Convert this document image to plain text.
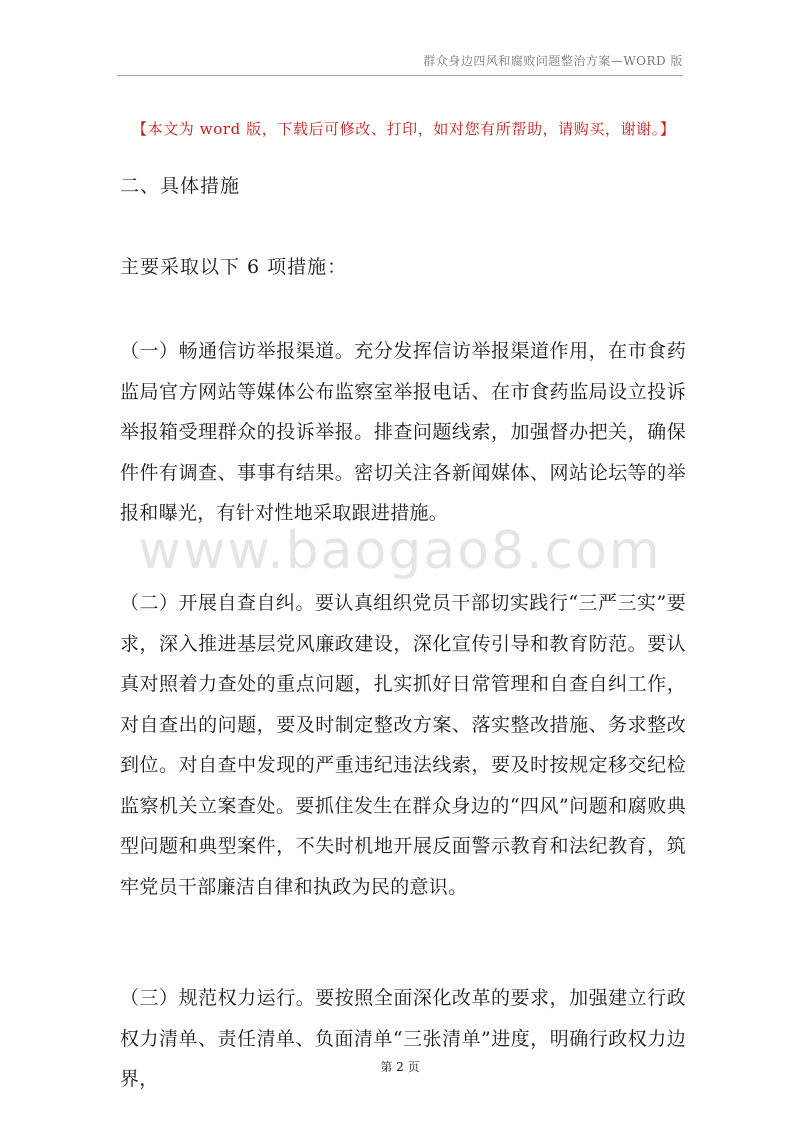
群众身边四风和腐败问题整治方案—WORD 版
【本文为 word 版，下载后可修改、打印，如对您有所帮助，请购买，谢谢。】
二、具体措施
主要采取以下 6 项措施：
（一）畅通信访举报渠道。充分发挥信访举报渠道作用，在市食药监局官方网站等媒体公布监察室举报电话、在市食药监局设立投诉举报箱受理群众的投诉举报。排查问题线索，加强督办把关，确保件件有调查、事事有结果。密切关注各新闻媒体、网站论坛等的举报和曝光，有针对性地采取跟进措施。
www.baogao8.com
（二）开展自查自纠。要认真组织党员干部切实践行“三严三实”要求，深入推进基层党风廉政建设，深化宣传引导和教育防范。要认真对照着力查处的重点问题，扎实抓好日常管理和自查自纠工作，对自查出的问题，要及时制定整改方案、落实整改措施、务求整改到位。对自查中发现的严重违纪违法线索，要及时按规定移交纪检监察机关立案查处。要抓住发生在群众身边的“四风”问题和腐败典型问题和典型案件，不失时机地开展反面警示教育和法纪教育，筑牢党员干部廉洁自律和执政为民的意识。
（三）规范权力运行。要按照全面深化改革的要求，加强建立行政权力清单、责任清单、负面清单“三张清单”进度，明确行政权力边界，
第 2 页
